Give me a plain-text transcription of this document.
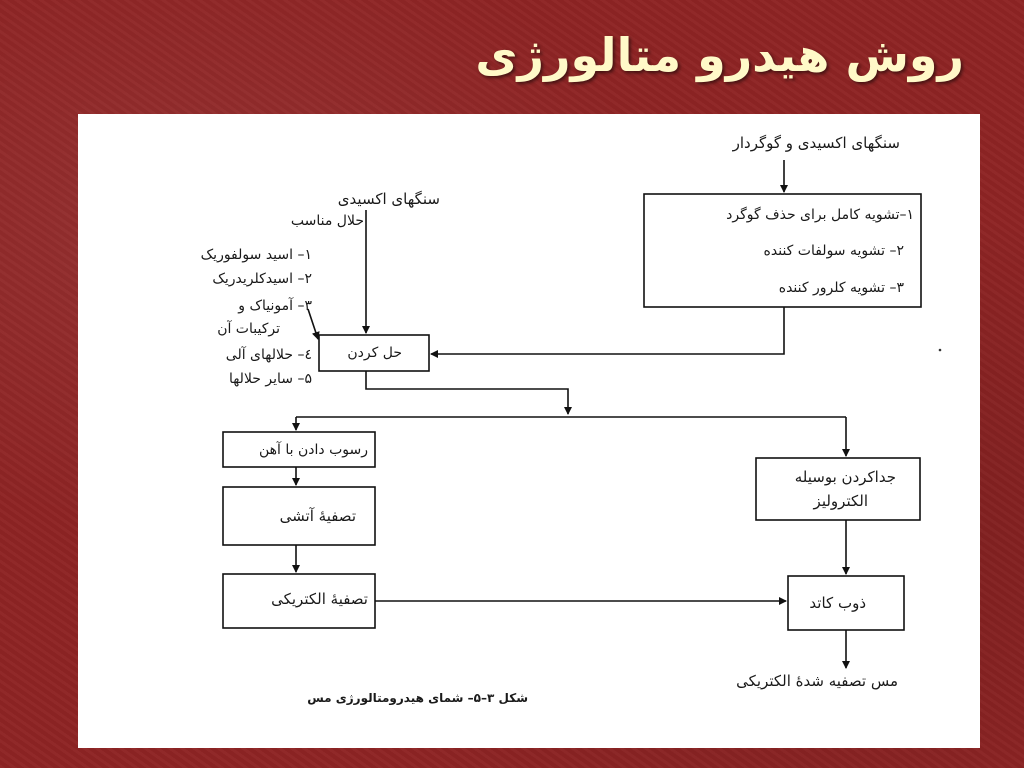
روش هیدرو متالورژی
سنگهای اکسیدی و گوگردار
۱–تشویه کامل برای حذف گوگرد
۲– تشویه سولفات کننده
۳– تشویه کلرور کننده
سنگهای اکسیدی
حلال مناسب
۱– اسید سولفوریک
۲– اسیدکلریدریک
۳– آمونیاک و
ترکیبات آن
٤– حلالهای آلی
۵– سایر حلالها
حل کردن
رسوب دادن با آهن
تصفیهٔ آتشی
تصفیهٔ الکتریکی
جداکردن بوسیله
الکترولیز
ذوب کاتد
مس تصفیه شدهٔ الکتریکی
شکل ۳–۵– شمای هیدرومتالورژی مس
